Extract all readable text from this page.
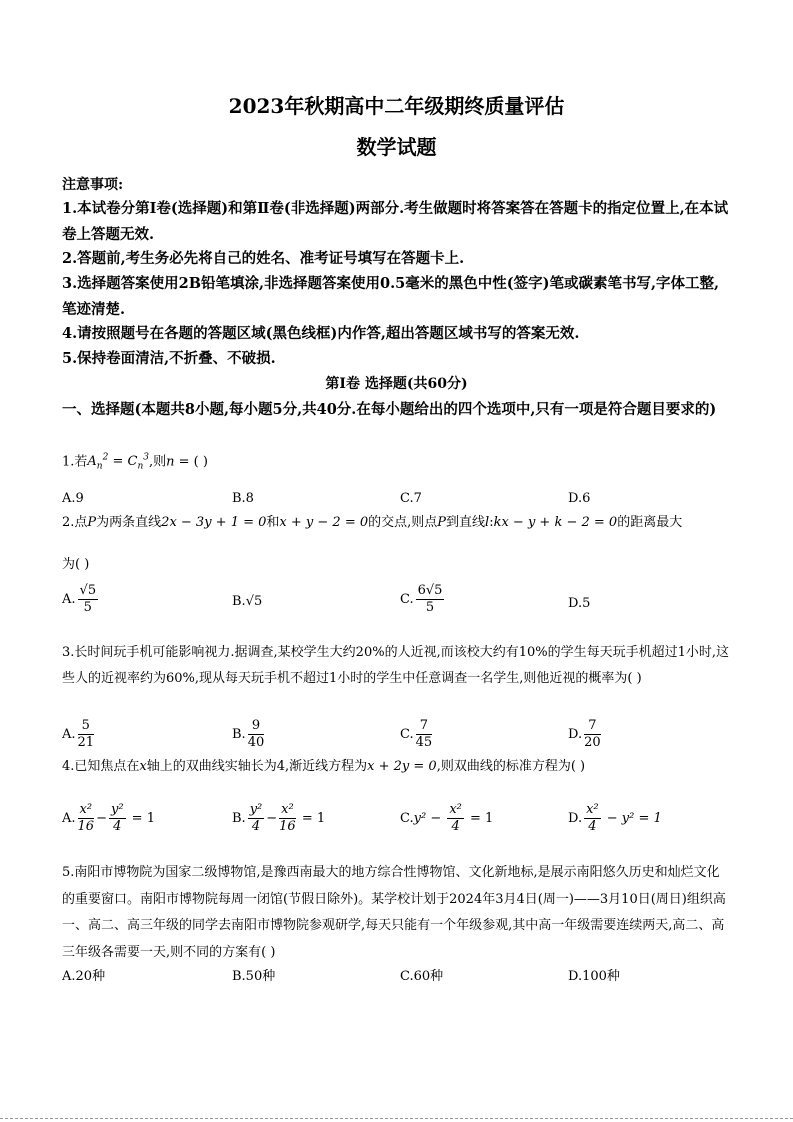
2023年秋期高中二年级期终质量评估
数学试题
注意事项:
1.本试卷分第Ⅰ卷(选择题)和第Ⅱ卷(非选择题)两部分.考生做题时将答案答在答题卡的指定位置上,在本试卷上答题无效.
2.答题前,考生务必先将自己的姓名、准考证号填写在答题卡上.
3.选择题答案使用2B铅笔填涂,非选择题答案使用0.5毫米的黑色中性(签字)笔或碳素笔书写,字体工整,笔迹清楚.
4.请按照题号在各题的答题区域(黑色线框)内作答,超出答题区域书写的答案无效.
5.保持卷面清洁,不折叠、不破损.
第Ⅰ卷 选择题(共60分)
一、选择题(本题共8小题,每小题5分,共40分.在每小题给出的四个选项中,只有一项是符合题目要求的)
1.若$A_n^2 = C_n^3$,则n = ( )
A.9	B.8	C.7	D.6
2.点P为两条直线2x − 3y + 1 = 0和x + y − 2 = 0的交点,则点P到直线l:kx − y + k − 2 = 0的距离最大
为( )
A. $\frac{√5}{5}$	B.√5	C. $\frac{6√5}{5}$	D.5
3.长时间玩手机可能影响视力.据调查,某校学生大约20%的人近视,而该校大约有10%的学生每天玩手机超过1小时,这些人的近视率约为60%,现从每天玩手机不超过1小时的学生中任意调查一名学生,则他近视的概率为( )
A. $\frac{5}{21}$	B. $\frac{9}{40}$	C. $\frac{7}{45}$	D. $\frac{7}{20}$
4.已知焦点在x轴上的双曲线实轴长为4,渐近线方程为x + 2y = 0,则双曲线的标准方程为( )
A. $\frac{\text{x²}}{16} - \frac{\text{y²}}{4} = 1$	B. $\frac{\text{y²}}{4} - \frac{\text{x²}}{16} = 1$	$C.y^2 - \frac{\text{x²}}{4} = 1$	D. $\frac{\text{x²}}{4} - y^2 = 1$
5.南阳市博物院为国家二级博物馆,是豫西南最大的地方综合性博物馆、文化新地标,是展示南阳悠久历史和灿烂文化的重要窗口。南阳市博物院每周一闭馆(节假日除外)。某学校计划于2024年3月4日(周一)——3月10日(周日)组织高一、高二、高三年级的同学去南阳市博物院参观研学,每天只能有一个年级参观,其中高一年级需要连续两天,高二、高三年级各需要一天,则不同的方案有( )
A.20种	B.50种	C.60种	D.100种
